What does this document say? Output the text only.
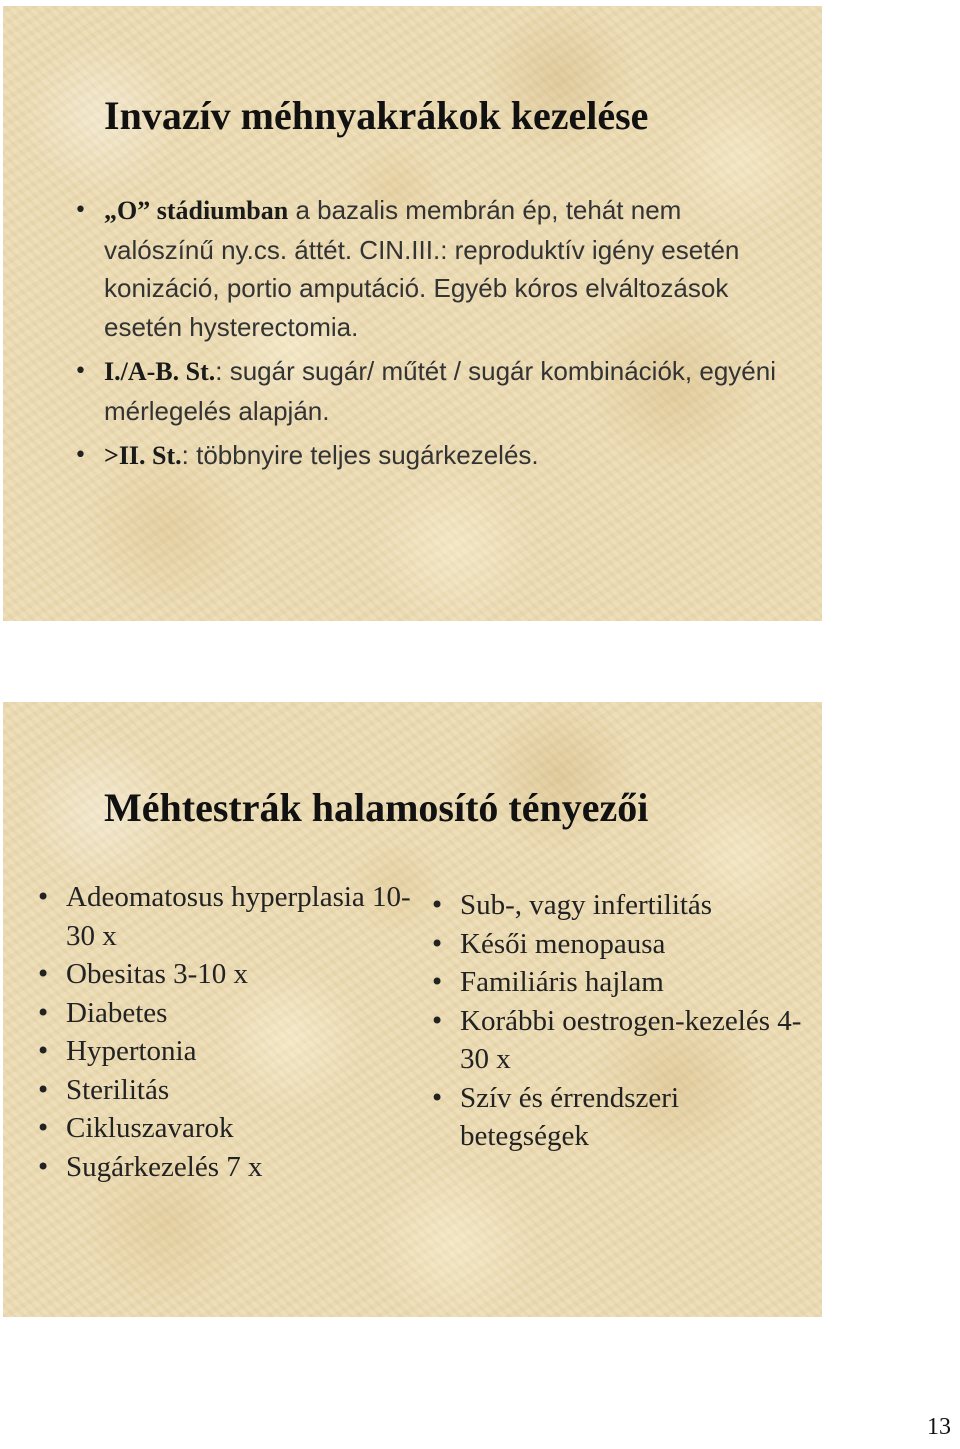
Invazív méhnyakrákok kezelése
• „O” stádiumban a bazalis membrán ép, tehát nem valószínű ny.cs. áttét. CIN.III.: reproduktív igény esetén konizáció, portio amputáció. Egyéb kóros elváltozások esetén hysterectomia.
• I./A-B. St.: sugár sugár/ műtét / sugár kombinációk, egyéni mérlegelés alapján.
• >II. St.: többnyire teljes sugárkezelés.
Méhtestrák halamosító tényezői
• Adeomatosus hyperplasia 10-30 x
• Obesitas 3-10 x
• Diabetes
• Hypertonia
• Sterilitás
• Cikluszavarok
• Sugárkezelés 7 x
• Sub-, vagy infertilitás
• Késői menopausa
• Familiáris hajlam
• Korábbi oestrogen-kezelés 4-30 x
• Szív és érrendszeri betegségek
13
